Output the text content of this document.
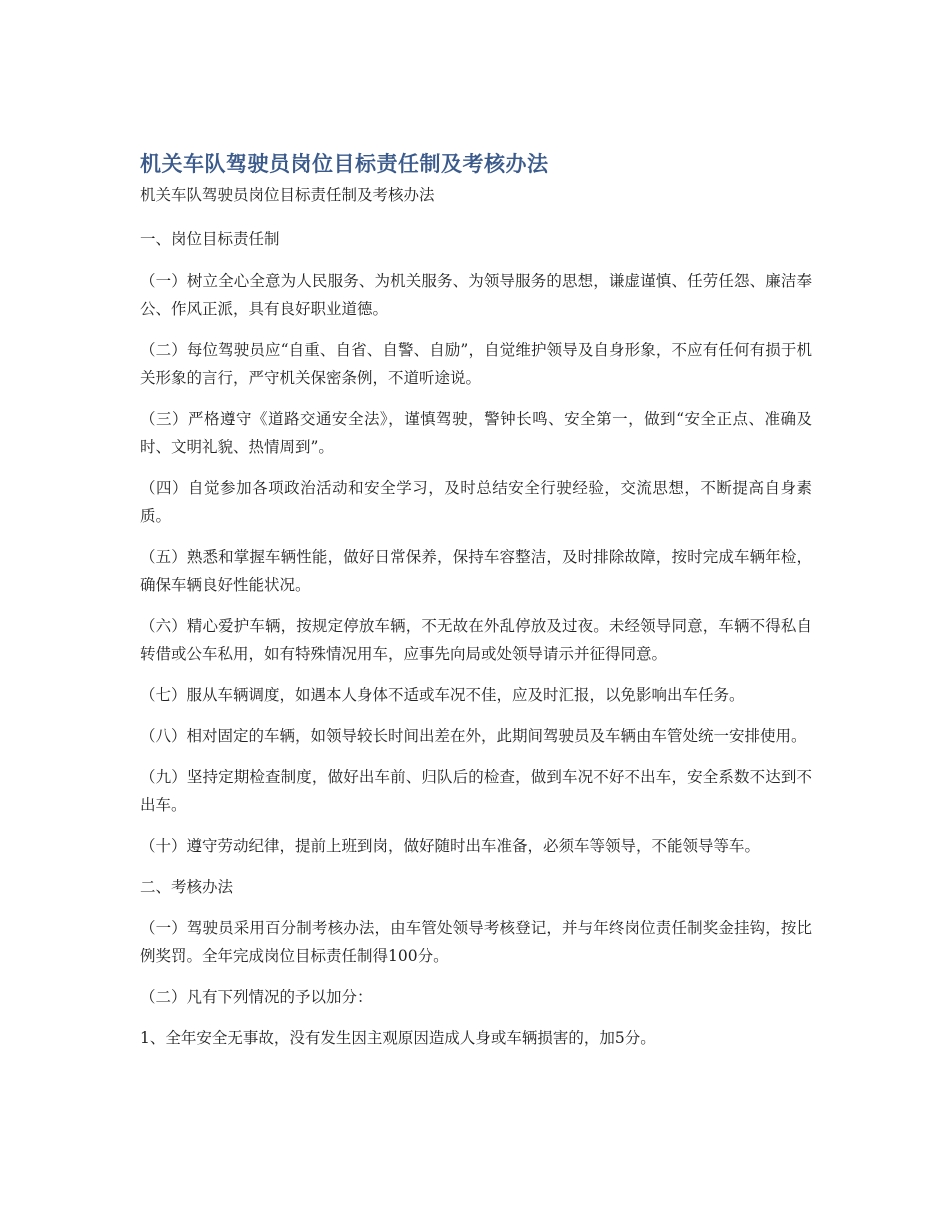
机关车队驾驶员岗位目标责任制及考核办法

机关车队驾驶员岗位目标责任制及考核办法

一、岗位目标责任制

（一）树立全心全意为人民服务、为机关服务、为领导服务的思想，谦虚谨慎、任劳任怨、廉洁奉公、作风正派，具有良好职业道德。

（二）每位驾驶员应“自重、自省、自警、自励”，自觉维护领导及自身形象，不应有任何有损于机关形象的言行，严守机关保密条例，不道听途说。

（三）严格遵守《道路交通安全法》，谨慎驾驶，警钟长鸣、安全第一，做到“安全正点、准确及时、文明礼貌、热情周到”。

（四）自觉参加各项政治活动和安全学习，及时总结安全行驶经验，交流思想，不断提高自身素质。

（五）熟悉和掌握车辆性能，做好日常保养，保持车容整洁，及时排除故障，按时完成车辆年检，确保车辆良好性能状况。

（六）精心爱护车辆，按规定停放车辆，不无故在外乱停放及过夜。未经领导同意，车辆不得私自转借或公车私用，如有特殊情况用车，应事先向局或处领导请示并征得同意。

（七）服从车辆调度，如遇本人身体不适或车况不佳，应及时汇报，以免影响出车任务。

（八）相对固定的车辆，如领导较长时间出差在外，此期间驾驶员及车辆由车管处统一安排使用。

（九）坚持定期检查制度，做好出车前、归队后的检查，做到车况不好不出车，安全系数不达到不出车。

（十）遵守劳动纪律，提前上班到岗，做好随时出车准备，必须车等领导，不能领导等车。

二、考核办法

（一）驾驶员采用百分制考核办法，由车管处领导考核登记，并与年终岗位责任制奖金挂钩，按比例奖罚。全年完成岗位目标责任制得100分。

（二）凡有下列情况的予以加分：

1、全年安全无事故，没有发生因主观原因造成人身或车辆损害的，加5分。
